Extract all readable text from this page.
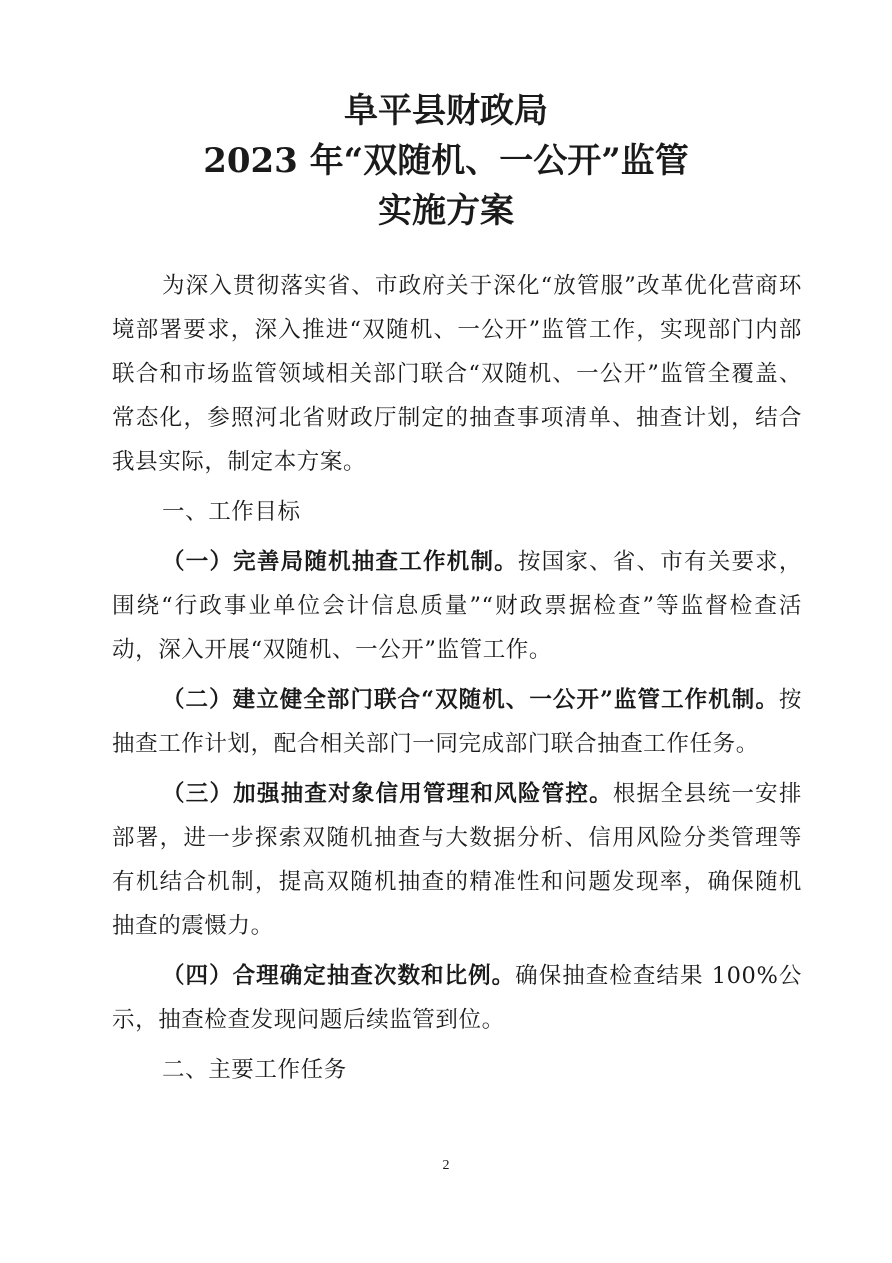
阜平县财政局
2023 年“双随机、一公开”监管
实施方案

为深入贯彻落实省、市政府关于深化“放管服”改革优化营商环境部署要求，深入推进“双随机、一公开”监管工作，实现部门内部联合和市场监管领域相关部门联合“双随机、一公开”监管全覆盖、常态化，参照河北省财政厅制定的抽查事项清单、抽查计划，结合我县实际，制定本方案。

一、工作目标

（一）完善局随机抽查工作机制。按国家、省、市有关要求，围绕“行政事业单位会计信息质量”“财政票据检查”等监督检查活动，深入开展“双随机、一公开”监管工作。

（二）建立健全部门联合“双随机、一公开”监管工作机制。按抽查工作计划，配合相关部门一同完成部门联合抽查工作任务。

（三）加强抽查对象信用管理和风险管控。根据全县统一安排部署，进一步探索双随机抽查与大数据分析、信用风险分类管理等有机结合机制，提高双随机抽查的精准性和问题发现率，确保随机抽查的震慑力。

（四）合理确定抽查次数和比例。确保抽查检查结果 100%公示，抽查检查发现问题后续监管到位。

二、主要工作任务

2
